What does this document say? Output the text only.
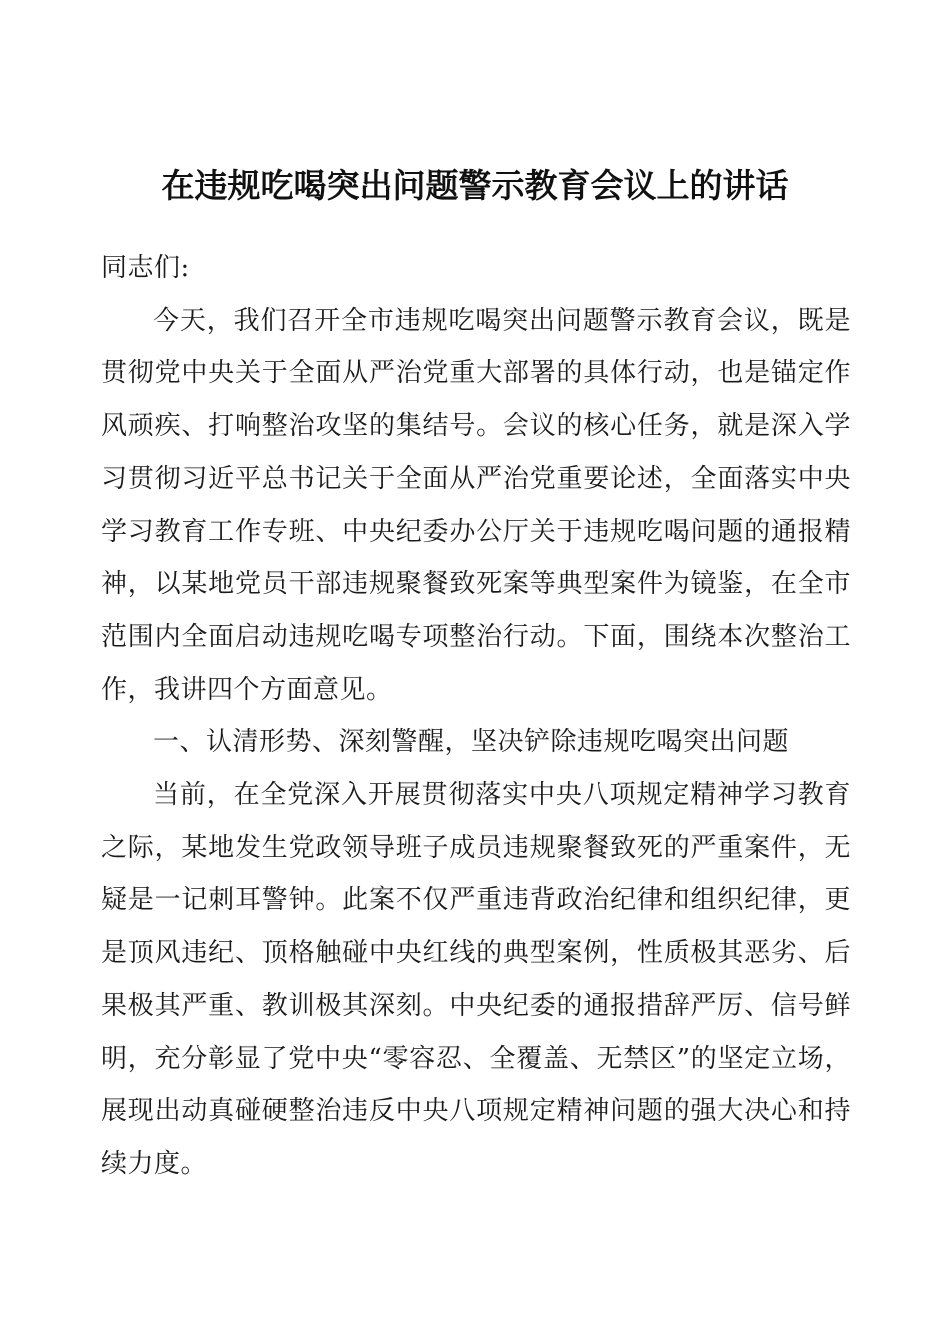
在违规吃喝突出问题警示教育会议上的讲话

同志们:

今天，我们召开全市违规吃喝突出问题警示教育会议，既是贯彻党中央关于全面从严治党重大部署的具体行动，也是锚定作风顽疾、打响整治攻坚的集结号。会议的核心任务，就是深入学习贯彻习近平总书记关于全面从严治党重要论述，全面落实中央学习教育工作专班、中央纪委办公厅关于违规吃喝问题的通报精神，以某地党员干部违规聚餐致死案等典型案件为镜鉴，在全市范围内全面启动违规吃喝专项整治行动。下面，围绕本次整治工作，我讲四个方面意见。

一、认清形势、深刻警醒，坚决铲除违规吃喝突出问题

当前，在全党深入开展贯彻落实中央八项规定精神学习教育之际，某地发生党政领导班子成员违规聚餐致死的严重案件，无疑是一记刺耳警钟。此案不仅严重违背政治纪律和组织纪律，更是顶风违纪、顶格触碰中央红线的典型案例，性质极其恶劣、后果极其严重、教训极其深刻。中央纪委的通报措辞严厉、信号鲜明，充分彰显了党中央“零容忍、全覆盖、无禁区”的坚定立场，展现出动真碰硬整治违反中央八项规定精神问题的强大决心和持续力度。
